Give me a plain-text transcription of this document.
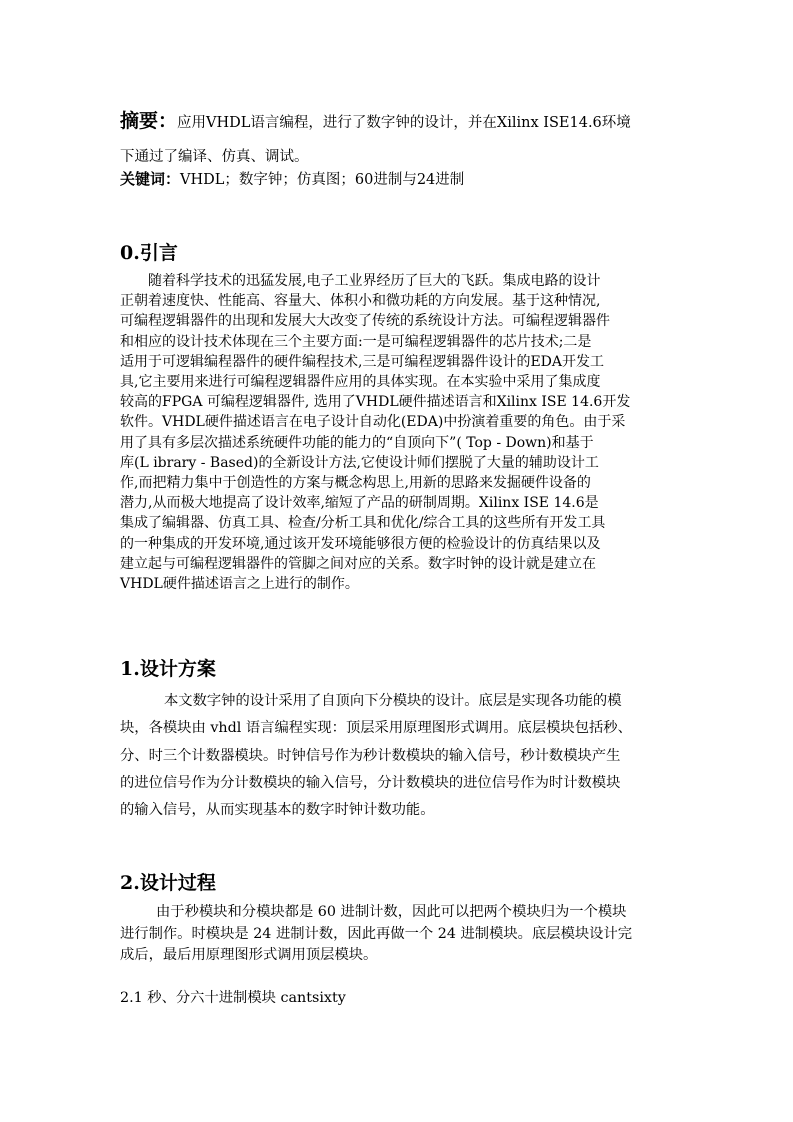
摘要：应用VHDL语言编程，进行了数字钟的设计，并在Xilinx ISE14.6环境
下通过了编译、仿真、调试。
关键词：VHDL；数字钟；仿真图；60进制与24进制
0.引言
随着科学技术的迅猛发展,电子工业界经历了巨大的飞跃。集成电路的设计
正朝着速度快、性能高、容量大、体积小和微功耗的方向发展。基于这种情况,
可编程逻辑器件的出现和发展大大改变了传统的系统设计方法。可编程逻辑器件
和相应的设计技术体现在三个主要方面:一是可编程逻辑器件的芯片技术;二是
适用于可逻辑编程器件的硬件编程技术,三是可编程逻辑器件设计的EDA开发工
具,它主要用来进行可编程逻辑器件应用的具体实现。在本实验中采用了集成度
较高的FPGA 可编程逻辑器件, 选用了VHDL硬件描述语言和Xilinx ISE 14.6开发
软件。VHDL硬件描述语言在电子设计自动化(EDA)中扮演着重要的角色。由于采
用了具有多层次描述系统硬件功能的能力的“自顶向下”( Top - Down)和基于
库(L ibrary - Based)的全新设计方法,它使设计师们摆脱了大量的辅助设计工
作,而把精力集中于创造性的方案与概念构思上,用新的思路来发掘硬件设备的
潜力,从而极大地提高了设计效率,缩短了产品的研制周期。Xilinx ISE 14.6是
集成了编辑器、仿真工具、检查/分析工具和优化/综合工具的这些所有开发工具
的一种集成的开发环境,通过该开发环境能够很方便的检验设计的仿真结果以及
建立起与可编程逻辑器件的管脚之间对应的关系。数字时钟的设计就是建立在
VHDL硬件描述语言之上进行的制作。
1.设计方案
本文数字钟的设计采用了自顶向下分模块的设计。底层是实现各功能的模
块，各模块由 vhdl 语言编程实现：顶层采用原理图形式调用。底层模块包括秒、
分、时三个计数器模块。时钟信号作为秒计数模块的输入信号，秒计数模块产生
的进位信号作为分计数模块的输入信号，分计数模块的进位信号作为时计数模块
的输入信号，从而实现基本的数字时钟计数功能。
2.设计过程
由于秒模块和分模块都是 60 进制计数，因此可以把两个模块归为一个模块
进行制作。时模块是 24 进制计数，因此再做一个 24 进制模块。底层模块设计完
成后，最后用原理图形式调用顶层模块。
2.1 秒、分六十进制模块 cantsixty
